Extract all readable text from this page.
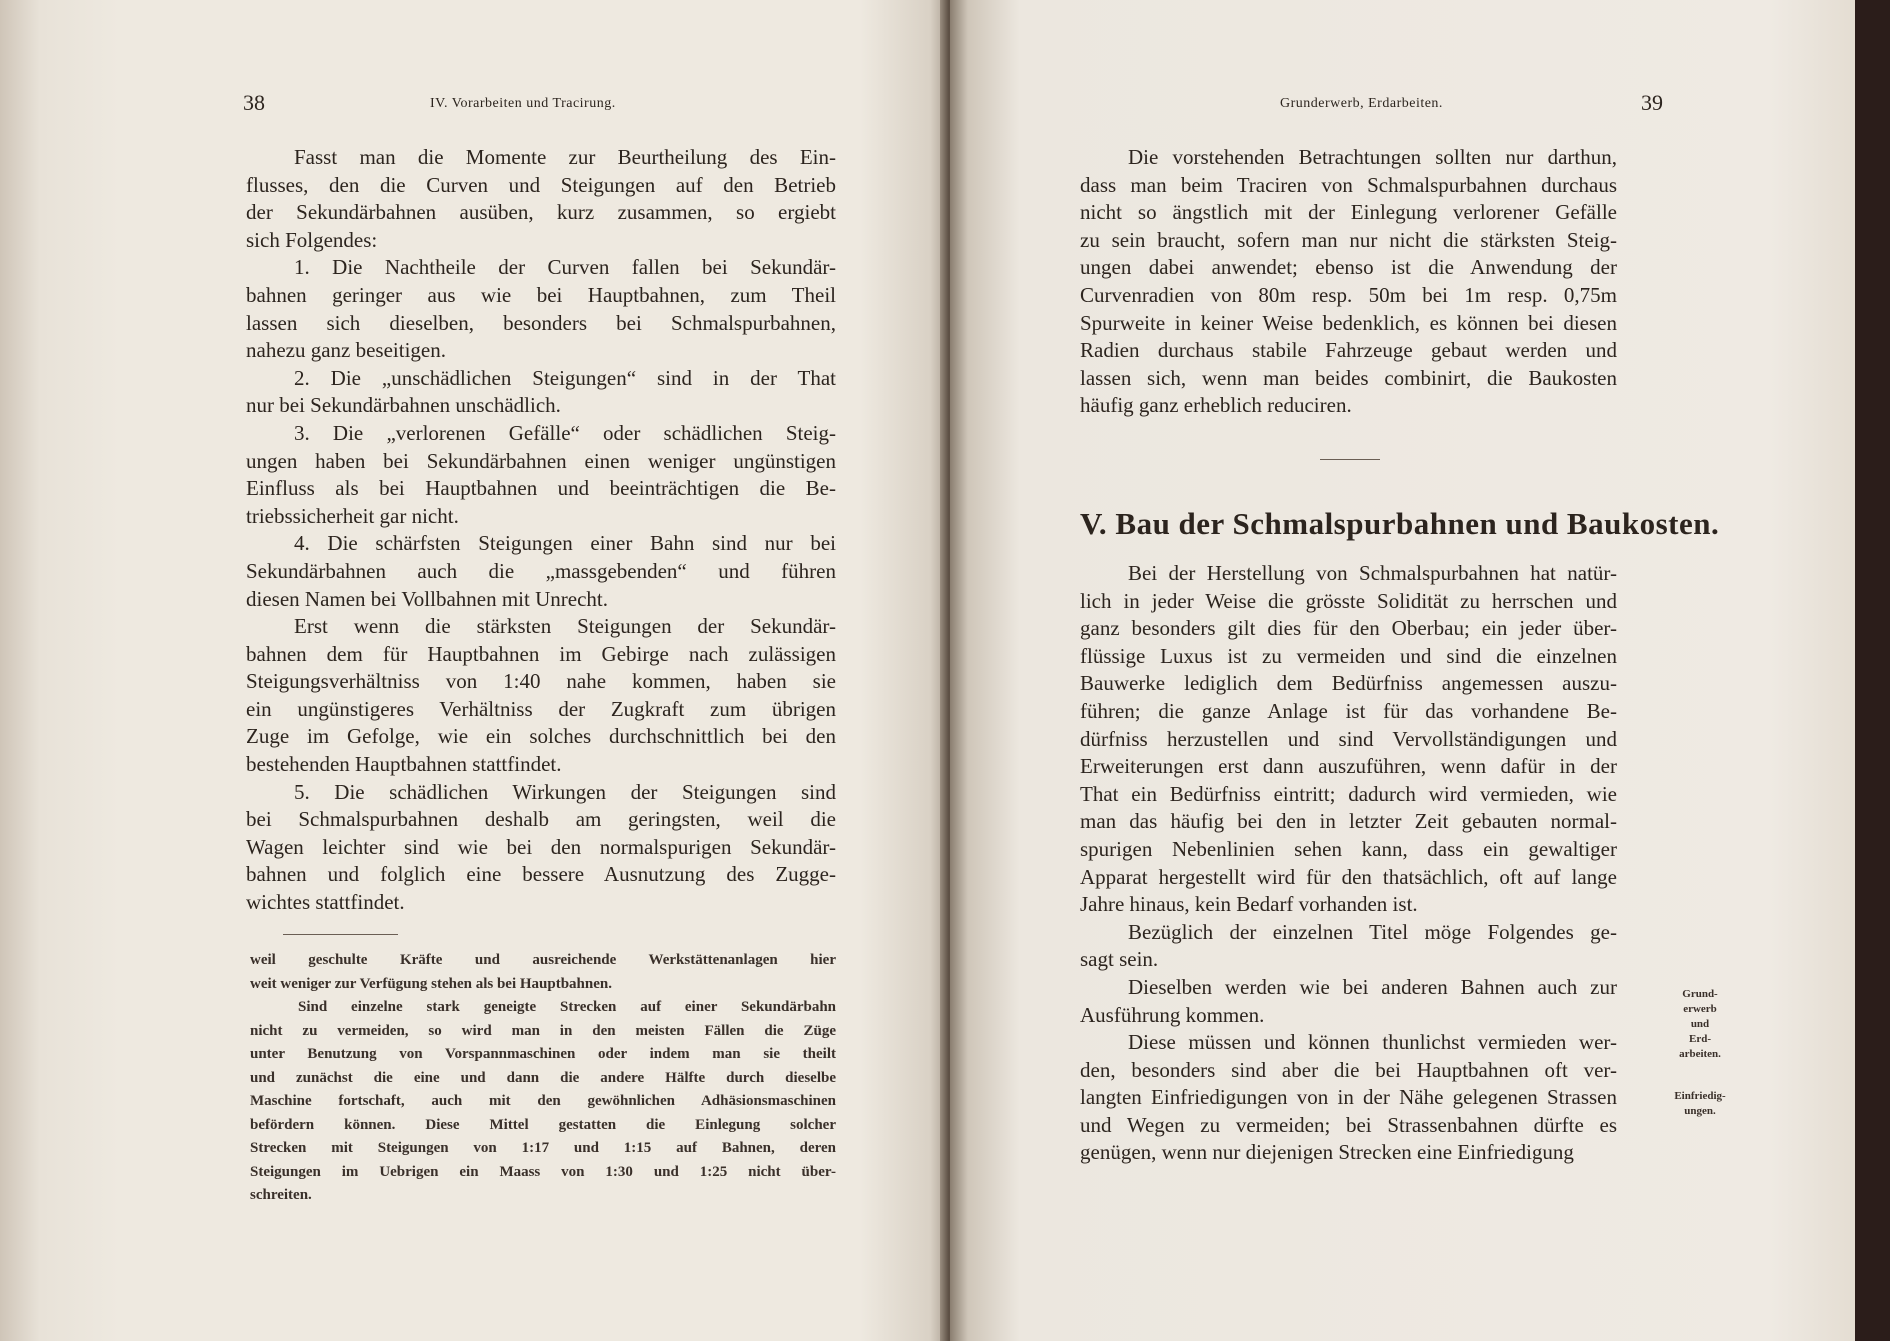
38	IV. Vorarbeiten und Tracirung.
Fasst man die Momente zur Beurtheilung des Ein-
flusses, den die Curven und Steigungen auf den Betrieb
der Sekundärbahnen ausüben, kurz zusammen, so ergiebt
sich Folgendes:
1. Die Nachtheile der Curven fallen bei Sekundär-
bahnen geringer aus wie bei Hauptbahnen, zum Theil
lassen sich dieselben, besonders bei Schmalspurbahnen,
nahezu ganz beseitigen.
2. Die „unschädlichen Steigungen“ sind in der That
nur bei Sekundärbahnen unschädlich.
3. Die „verlorenen Gefälle“ oder schädlichen Steig-
ungen haben bei Sekundärbahnen einen weniger ungünstigen
Einfluss als bei Hauptbahnen und beeinträchtigen die Be-
triebssicherheit gar nicht.
4. Die schärfsten Steigungen einer Bahn sind nur bei
Sekundärbahnen auch die „massgebenden“ und führen
diesen Namen bei Vollbahnen mit Unrecht.
Erst wenn die stärksten Steigungen der Sekundär-
bahnen dem für Hauptbahnen im Gebirge nach zulässigen
Steigungsverhältniss von 1:40 nahe kommen, haben sie
ein ungünstigeres Verhältniss der Zugkraft zum übrigen
Zuge im Gefolge, wie ein solches durchschnittlich bei den
bestehenden Hauptbahnen stattfindet.
5. Die schädlichen Wirkungen der Steigungen sind
bei Schmalspurbahnen deshalb am geringsten, weil die
Wagen leichter sind wie bei den normalspurigen Sekundär-
bahnen und folglich eine bessere Ausnutzung des Zugge-
wichtes stattfindet.
weil geschulte Kräfte und ausreichende Werkstättenanlagen hier
weit weniger zur Verfügung stehen als bei Hauptbahnen.
Sind einzelne stark geneigte Strecken auf einer Sekundärbahn
nicht zu vermeiden, so wird man in den meisten Fällen die Züge
unter Benutzung von Vorspannmaschinen oder indem man sie theilt
und zunächst die eine und dann die andere Hälfte durch dieselbe
Maschine fortschaft, auch mit den gewöhnlichen Adhäsionsmaschinen
befördern können. Diese Mittel gestatten die Einlegung solcher
Strecken mit Steigungen von 1:17 und 1:15 auf Bahnen, deren
Steigungen im Uebrigen ein Maass von 1:30 und 1:25 nicht über-
schreiten.
Grunderwerb, Erdarbeiten.	39
Die vorstehenden Betrachtungen sollten nur darthun,
dass man beim Traciren von Schmalspurbahnen durchaus
nicht so ängstlich mit der Einlegung verlorener Gefälle
zu sein braucht, sofern man nur nicht die stärksten Steig-
ungen dabei anwendet; ebenso ist die Anwendung der
Curvenradien von 80m resp. 50m bei 1m resp. 0,75m
Spurweite in keiner Weise bedenklich, es können bei diesen
Radien durchaus stabile Fahrzeuge gebaut werden und
lassen sich, wenn man beides combinirt, die Baukosten
häufig ganz erheblich reduciren.
V. Bau der Schmalspurbahnen und Baukosten.
Bei der Herstellung von Schmalspurbahnen hat natür-
lich in jeder Weise die grösste Solidität zu herrschen und
ganz besonders gilt dies für den Oberbau; ein jeder über-
flüssige Luxus ist zu vermeiden und sind die einzelnen
Bauwerke lediglich dem Bedürfniss angemessen auszu-
führen; die ganze Anlage ist für das vorhandene Be-
dürfniss herzustellen und sind Vervollständigungen und
Erweiterungen erst dann auszuführen, wenn dafür in der
That ein Bedürfniss eintritt; dadurch wird vermieden, wie
man das häufig bei den in letzter Zeit gebauten normal-
spurigen Nebenlinien sehen kann, dass ein gewaltiger
Apparat hergestellt wird für den thatsächlich, oft auf lange
Jahre hinaus, kein Bedarf vorhanden ist.
Bezüglich der einzelnen Titel möge Folgendes ge-
sagt sein.
Dieselben werden wie bei anderen Bahnen auch zur
Ausführung kommen.
Diese müssen und können thunlichst vermieden wer-
den, besonders sind aber die bei Hauptbahnen oft ver-
langten Einfriedigungen von in der Nähe gelegenen Strassen
und Wegen zu vermeiden; bei Strassenbahnen dürfte es
genügen, wenn nur diejenigen Strecken eine Einfriedigung
Grund-
erwerb
und
Erd-
arbeiten.
Einfriedig-
ungen.
